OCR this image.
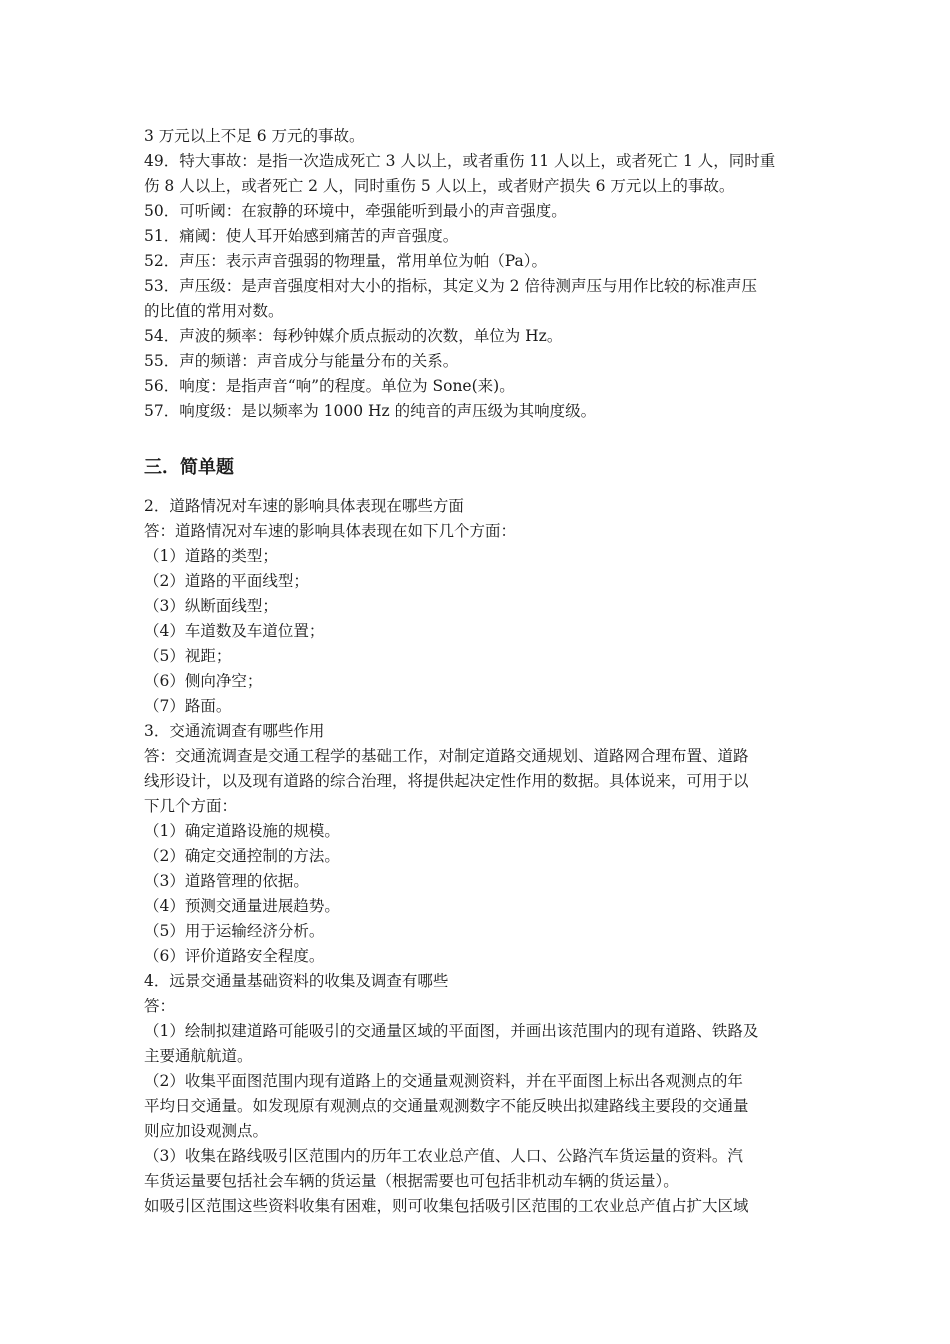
3 万元以上不足 6 万元的事故。

49．特大事故：是指一次造成死亡 3 人以上，或者重伤 11 人以上，或者死亡 1 人，同时重

伤 8 人以上，或者死亡 2 人，同时重伤 5 人以上，或者财产损失 6 万元以上的事故。

50．可听阈：在寂静的环境中，牵强能听到最小的声音强度。

51．痛阈：使人耳开始感到痛苦的声音强度。

52．声压：表示声音强弱的物理量，常用单位为帕（Pa）。

53．声压级：是声音强度相对大小的指标，其定义为 2 倍待测声压与用作比较的标准声压

的比值的常用对数。

54．声波的频率：每秒钟媒介质点振动的次数，单位为 Hz。

55．声的频谱：声音成分与能量分布的关系。

56．响度：是指声音“响”的程度。单位为 Sone(来)。

57．响度级：是以频率为 1000 Hz 的纯音的声压级为其响度级。

三．简单题

2．道路情况对车速的影响具体表现在哪些方面

答：道路情况对车速的影响具体表现在如下几个方面：

（1）道路的类型；

（2）道路的平面线型；

（3）纵断面线型；

（4）车道数及车道位置；

（5）视距；

（6）侧向净空；

（7）路面。

3．交通流调查有哪些作用

答：交通流调查是交通工程学的基础工作，对制定道路交通规划、道路网合理布置、道路

线形设计，以及现有道路的综合治理，将提供起决定性作用的数据。具体说来，可用于以

下几个方面：

（1）确定道路设施的规模。

（2）确定交通控制的方法。

（3）道路管理的依据。

（4）预测交通量进展趋势。

（5）用于运输经济分析。

（6）评价道路安全程度。

4．远景交通量基础资料的收集及调查有哪些

答：

（1）绘制拟建道路可能吸引的交通量区域的平面图，并画出该范围内的现有道路、铁路及

主要通航航道。

（2）收集平面图范围内现有道路上的交通量观测资料，并在平面图上标出各观测点的年

平均日交通量。如发现原有观测点的交通量观测数字不能反映出拟建路线主要段的交通量

则应加设观测点。

（3）收集在路线吸引区范围内的历年工农业总产值、人口、公路汽车货运量的资料。汽

车货运量要包括社会车辆的货运量（根据需要也可包括非机动车辆的货运量）。

如吸引区范围这些资料收集有困难，则可收集包括吸引区范围的工农业总产值占扩大区域
